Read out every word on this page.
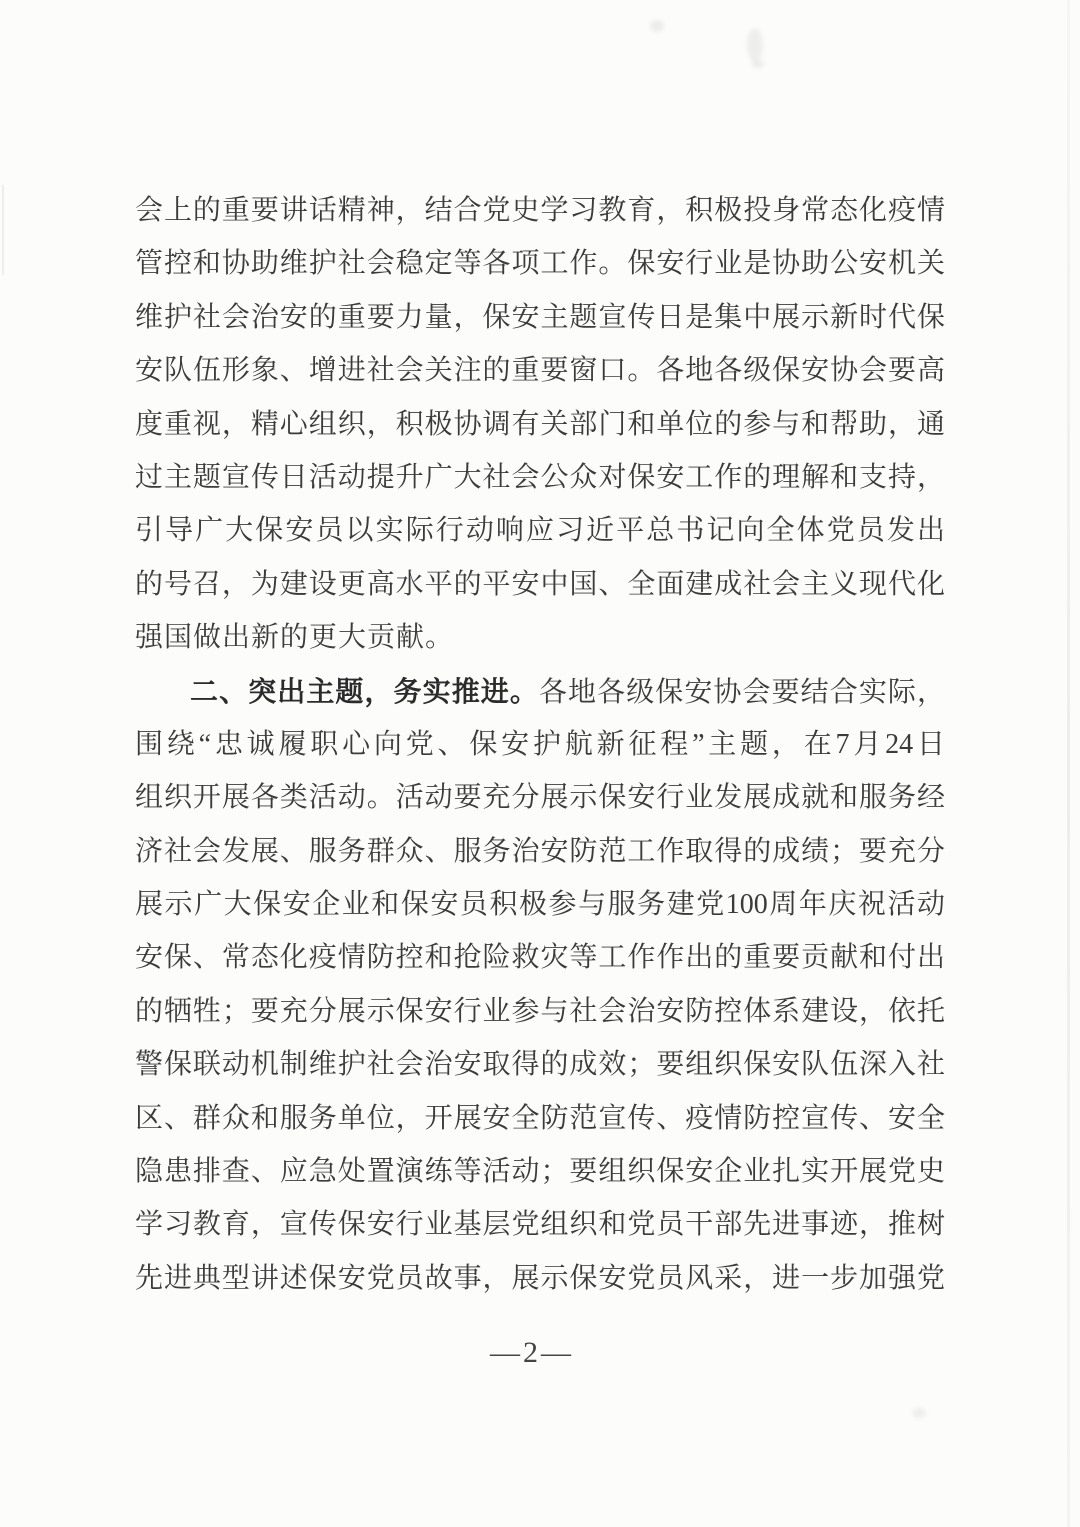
会上的重要讲话精神，结合党史学习教育，积极投身常态化疫情
管控和协助维护社会稳定等各项工作。保安行业是协助公安机关
维护社会治安的重要力量，保安主题宣传日是集中展示新时代保
安队伍形象、增进社会关注的重要窗口。各地各级保安协会要高
度重视，精心组织，积极协调有关部门和单位的参与和帮助，通
过主题宣传日活动提升广大社会公众对保安工作的理解和支持，
引导广大保安员以实际行动响应习近平总书记向全体党员发出
的号召，为建设更高水平的平安中国、全面建成社会主义现代化
强国做出新的更大贡献。
二、突出主题，务实推进。各地各级保安协会要结合实际，
围绕“忠诚履职心向党、保安护航新征程”主题，在7月24日
组织开展各类活动。活动要充分展示保安行业发展成就和服务经
济社会发展、服务群众、服务治安防范工作取得的成绩；要充分
展示广大保安企业和保安员积极参与服务建党100周年庆祝活动
安保、常态化疫情防控和抢险救灾等工作作出的重要贡献和付出
的牺牲；要充分展示保安行业参与社会治安防控体系建设，依托
警保联动机制维护社会治安取得的成效；要组织保安队伍深入社
区、群众和服务单位，开展安全防范宣传、疫情防控宣传、安全
隐患排查、应急处置演练等活动；要组织保安企业扎实开展党史
学习教育，宣传保安行业基层党组织和党员干部先进事迹，推树
先进典型讲述保安党员故事，展示保安党员风采，进一步加强党
—2—
